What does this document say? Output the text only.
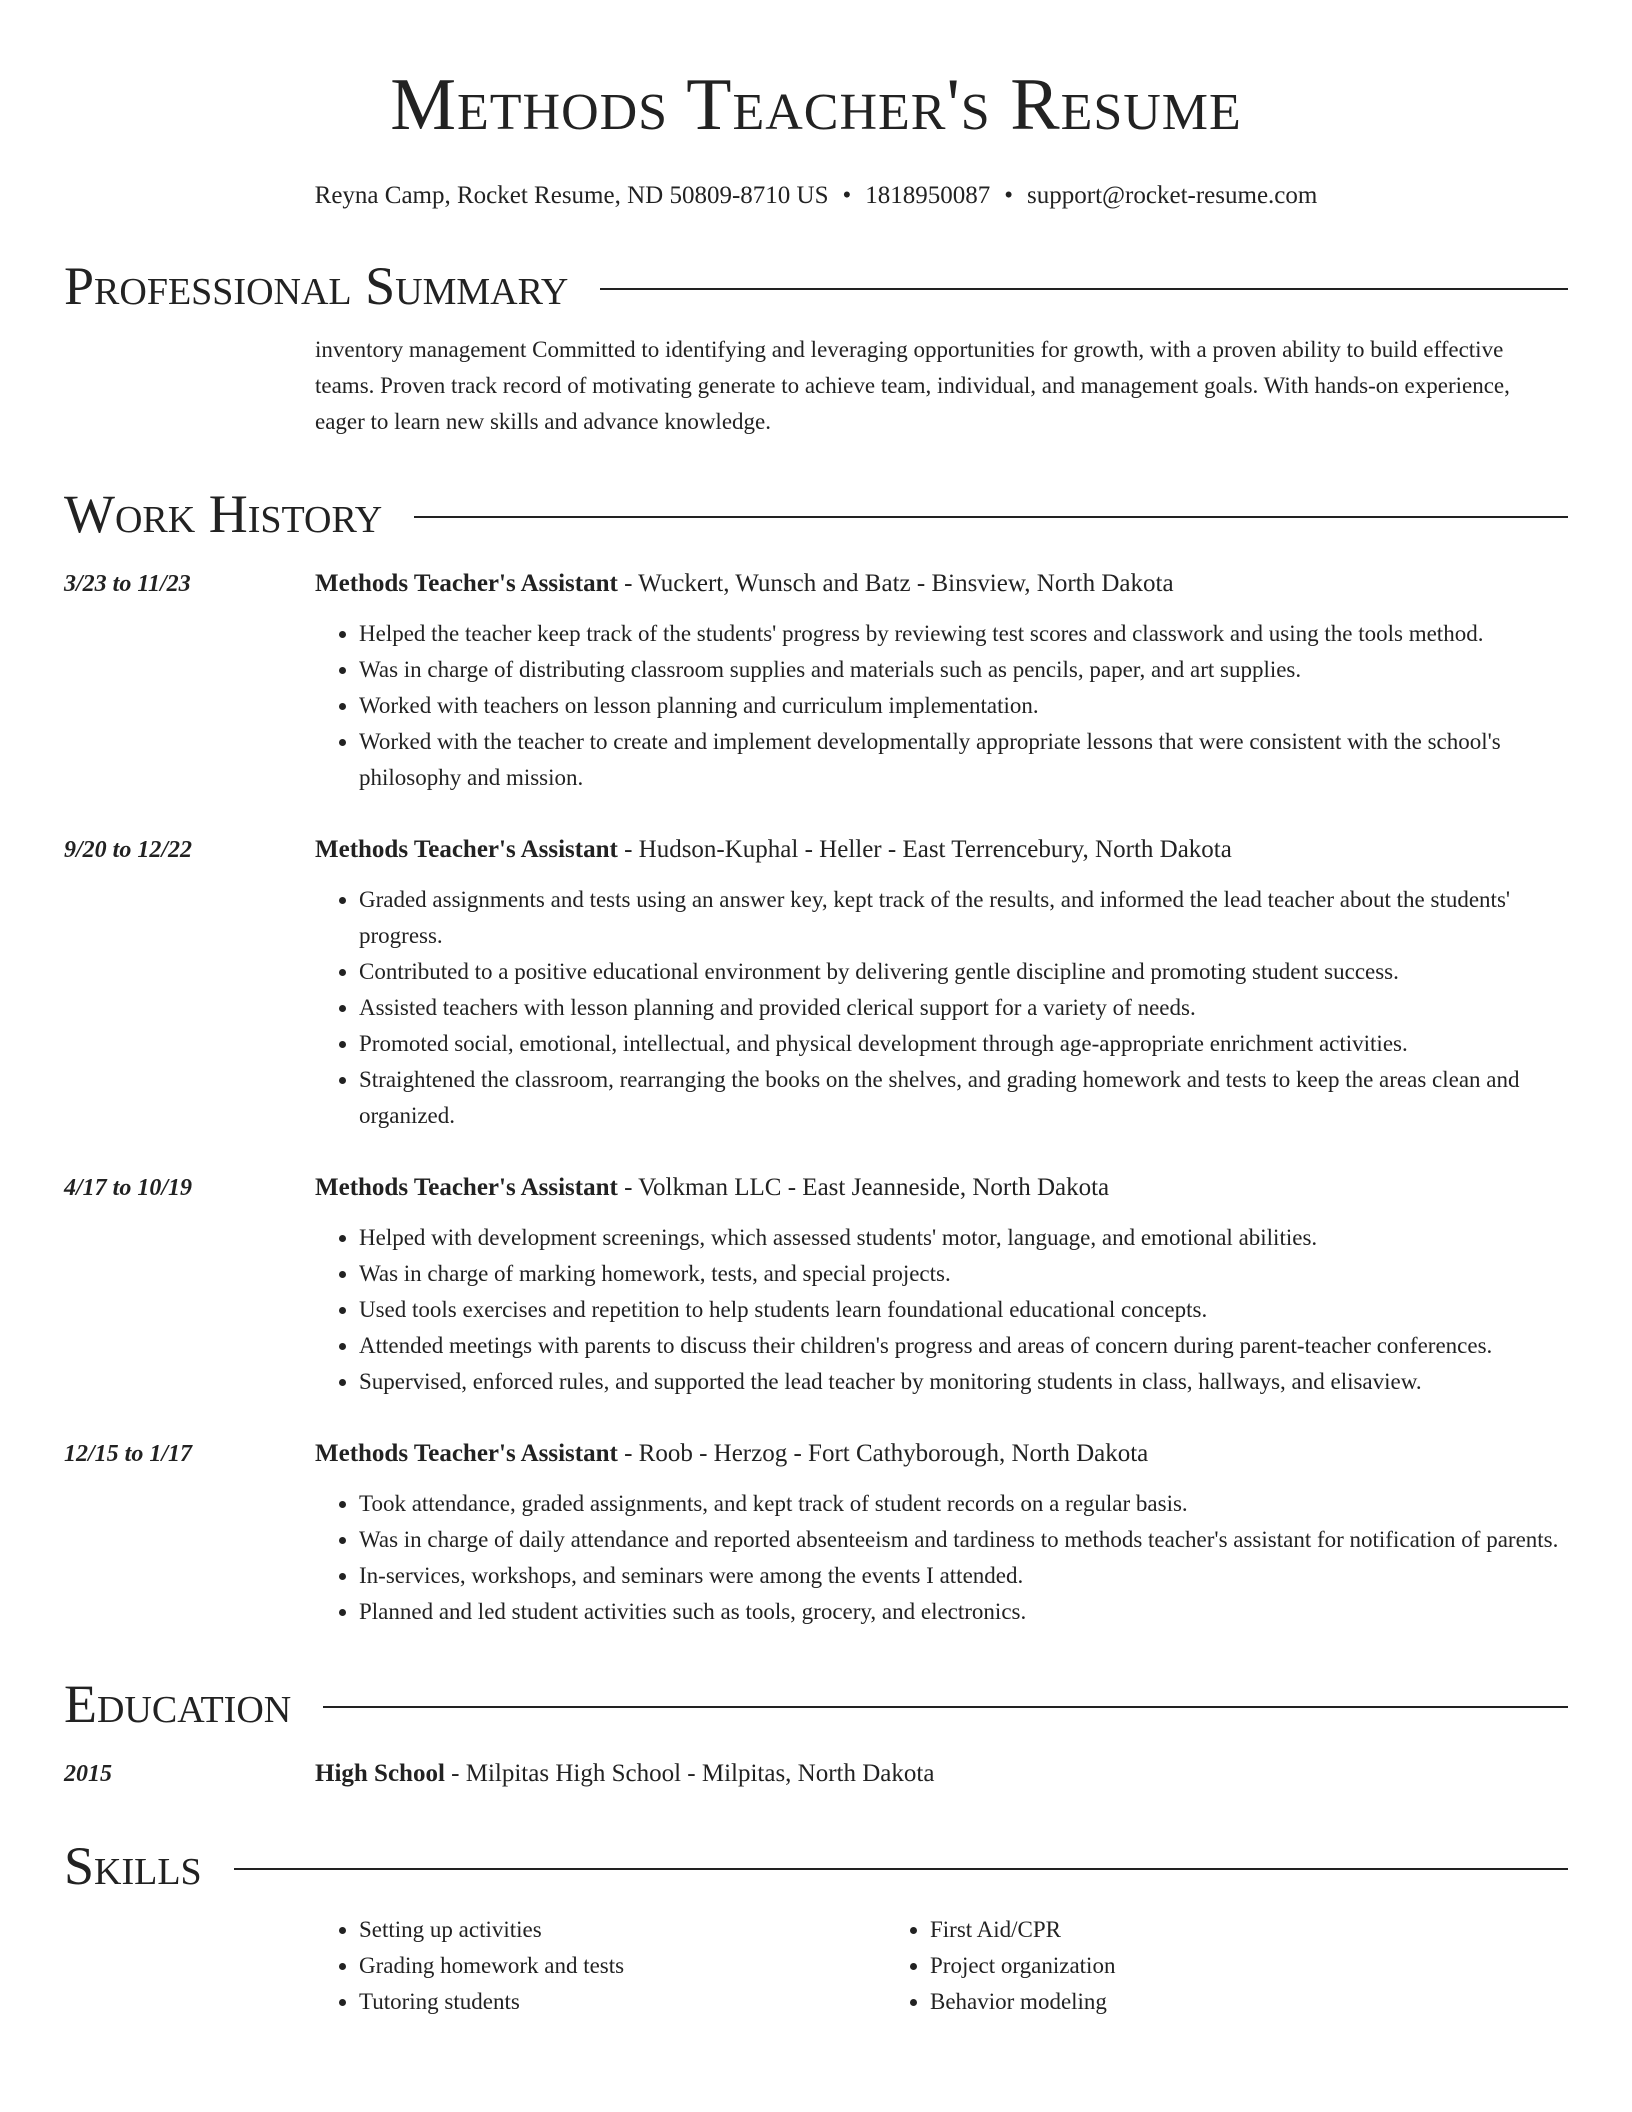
Methods Teacher's Resume
Reyna Camp, Rocket Resume, ND 50809-8710 US • 1818950087 • support@rocket-resume.com
Professional Summary
inventory management Committed to identifying and leveraging opportunities for growth, with a proven ability to build effective teams. Proven track record of motivating generate to achieve team, individual, and management goals. With hands-on experience, eager to learn new skills and advance knowledge.
Work History
3/23 to 11/23	Methods Teacher's Assistant - Wuckert, Wunsch and Batz - Binsview, North Dakota
• Helped the teacher keep track of the students' progress by reviewing test scores and classwork and using the tools method.
• Was in charge of distributing classroom supplies and materials such as pencils, paper, and art supplies.
• Worked with teachers on lesson planning and curriculum implementation.
• Worked with the teacher to create and implement developmentally appropriate lessons that were consistent with the school's philosophy and mission.
9/20 to 12/22	Methods Teacher's Assistant - Hudson-Kuphal - Heller - East Terrencebury, North Dakota
• Graded assignments and tests using an answer key, kept track of the results, and informed the lead teacher about the students' progress.
• Contributed to a positive educational environment by delivering gentle discipline and promoting student success.
• Assisted teachers with lesson planning and provided clerical support for a variety of needs.
• Promoted social, emotional, intellectual, and physical development through age-appropriate enrichment activities.
• Straightened the classroom, rearranging the books on the shelves, and grading homework and tests to keep the areas clean and organized.
4/17 to 10/19	Methods Teacher's Assistant - Volkman LLC - East Jeanneside, North Dakota
• Helped with development screenings, which assessed students' motor, language, and emotional abilities.
• Was in charge of marking homework, tests, and special projects.
• Used tools exercises and repetition to help students learn foundational educational concepts.
• Attended meetings with parents to discuss their children's progress and areas of concern during parent-teacher conferences.
• Supervised, enforced rules, and supported the lead teacher by monitoring students in class, hallways, and elisaview.
12/15 to 1/17	Methods Teacher's Assistant - Roob - Herzog - Fort Cathyborough, North Dakota
• Took attendance, graded assignments, and kept track of student records on a regular basis.
• Was in charge of daily attendance and reported absenteeism and tardiness to methods teacher's assistant for notification of parents.
• In-services, workshops, and seminars were among the events I attended.
• Planned and led student activities such as tools, grocery, and electronics.
Education
2015	High School - Milpitas High School - Milpitas, North Dakota
Skills
• Setting up activities
• Grading homework and tests
• Tutoring students
• First Aid/CPR
• Project organization
• Behavior modeling
